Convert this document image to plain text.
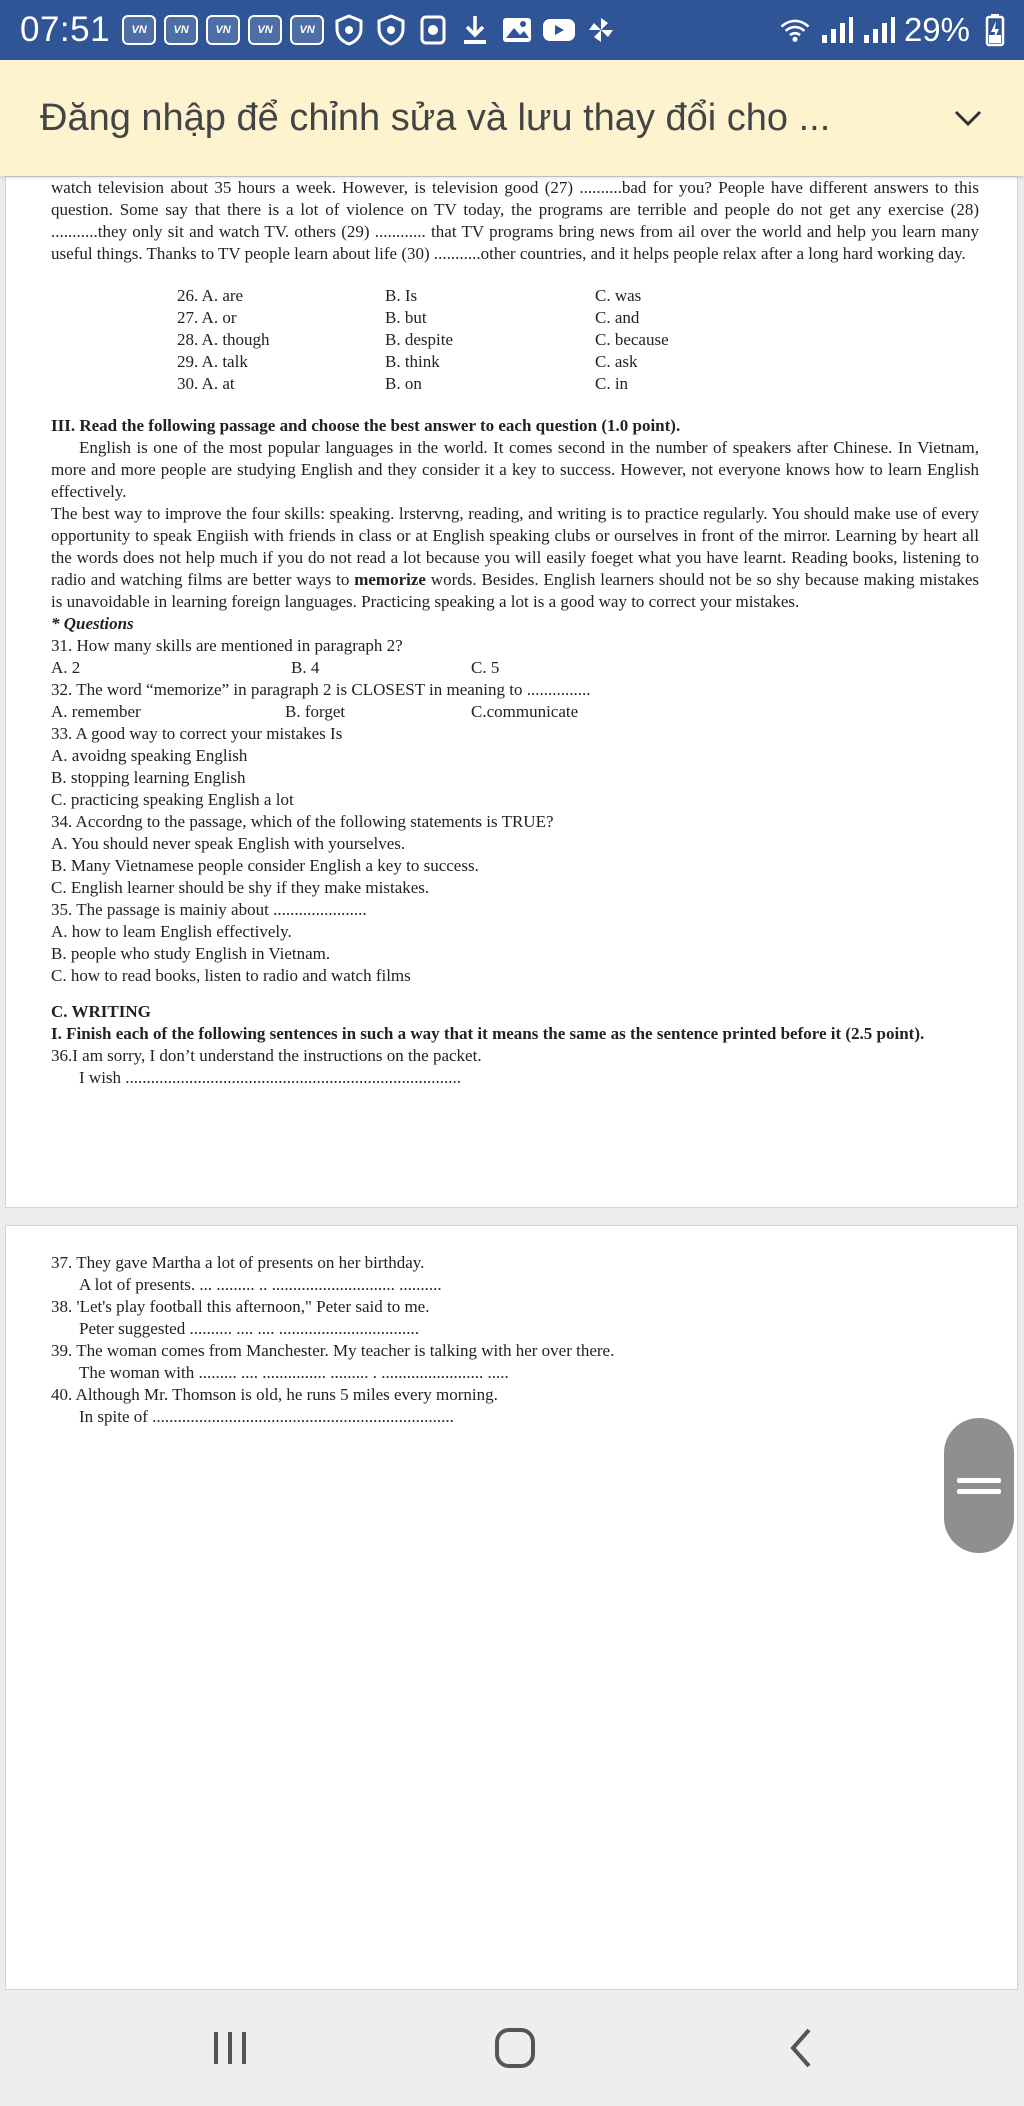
07:51	VN	VN	VN	VN	VN	29%
Đăng nhập để chỉnh sửa và lưu thay đổi cho ...

watch television about 35 hours a week. However, is television good (27) ..........bad for you? People have different answers to this question. Some say that there is a lot of violence on TV today, the programs are terrible and people do not get any exercise (28) ...........they only sit and watch TV. others (29) ............ that TV programs bring news from ail over the world and help you learn many useful things. Thanks to TV people learn about life (30) ...........other countries, and it helps people relax after a long hard working day.

26. A. are	B. Is	C. was
27. A. or	B. but	C. and
28. A. though	B. despite	C. because
29. A. talk	B. think	C. ask
30. A. at	B. on	C. in

III. Read the following passage and choose the best answer to each question (1.0 point).

English is one of the most popular languages in the world. It comes second in the number of speakers after Chinese. In Vietnam, more and more people are studying English and they consider it a key to success. However, not everyone knows how to learn English effectively.

The best way to improve the four skills: speaking. lrstervng, reading, and writing is to practice regularly. You should make use of every opportunity to speak Engiish with friends in class or at English speaking clubs or ourselves in front of the mirror. Learning by heart all the words does not help much if you do not read a lot because you will easily foeget what you have learnt. Reading books, listening to radio and watching films are better ways to memorize words. Besides. English learners should not be so shy because making mistakes is unavoidable in learning foreign languages. Practicing speaking a lot is a good way to correct your mistakes.

* Questions

31. How many skills are mentioned in paragraph 2?

A. 2	B. 4	C. 5

32. The word “memorize” in paragraph 2 is CLOSEST in meaning to ...............

A. remember	B. forget	C.communicate

33. A good way to correct your mistakes Is

A. avoidng speaking English

B. stopping learning English

C. practicing speaking English a lot

34. Accordng to the passage, which of the following statements is TRUE?

A. You should never speak English with yourselves.

B. Many Vietnamese people consider English a key to success.

C. English learner should be shy if they make mistakes.

35. The passage is mainiy about ......................

A. how to leam English effectively.

B. people who study English in Vietnam.

C. how to read books, listen to radio and watch films

C. WRITING

I. Finish each of the following sentences in such a way that it means the same as the sentence printed before it (2.5 point).

36.I am sorry, I don’t understand the instructions on the packet.

I wish ...............................................................................

37. They gave Martha a lot of presents on her birthday.

A lot of presents. ... ......... .. ............................. ..........

38. 'Let's play football this afternoon," Peter said to me.

Peter suggested .......... .... .... .................................

39. The woman comes from Manchester. My teacher is talking with her over there.

The woman with ......... .... ............... ......... . ........................ .....

40. Although Mr. Thomson is old, he runs 5 miles every morning.

In spite of .......................................................................
